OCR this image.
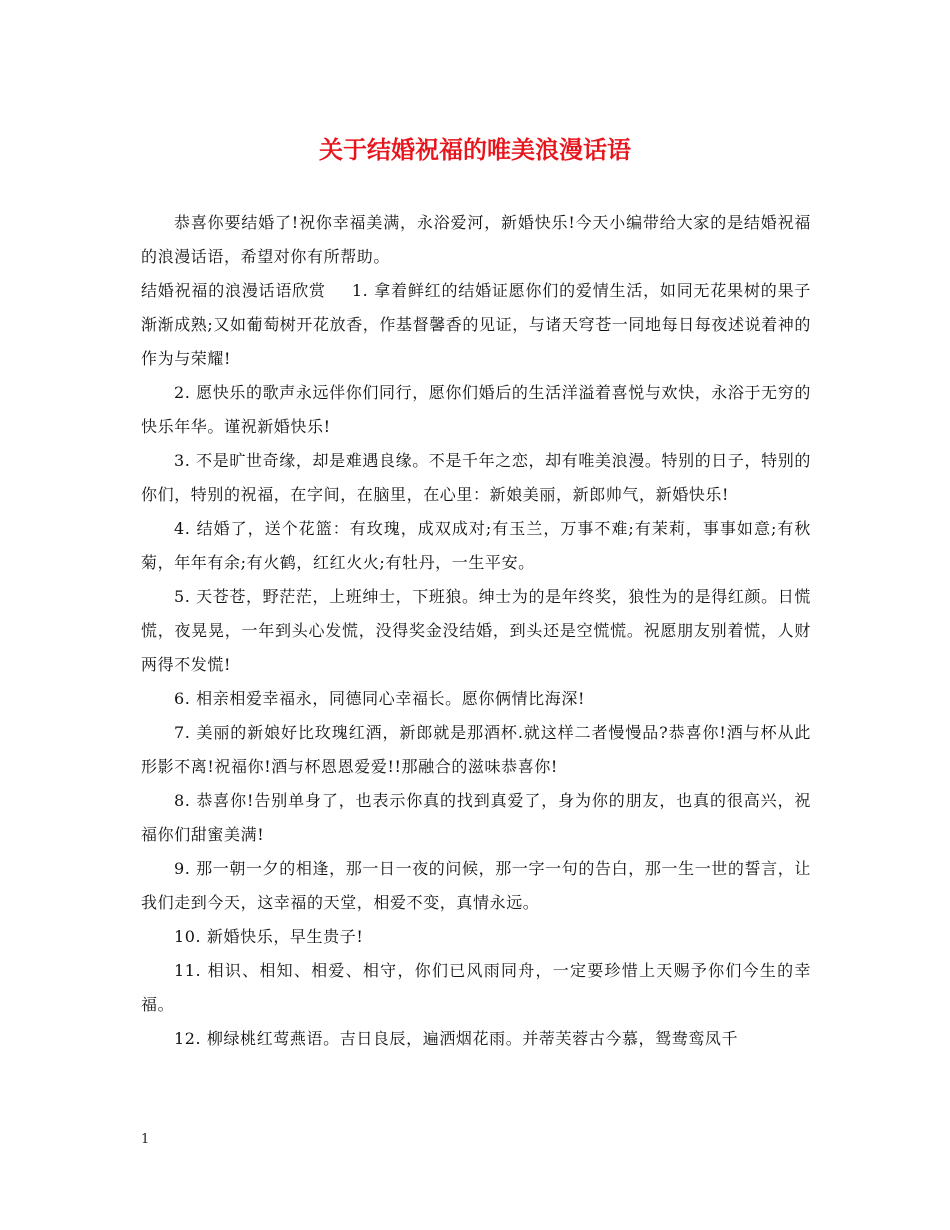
关于结婚祝福的唯美浪漫话语

恭喜你要结婚了!祝你幸福美满，永浴爱河，新婚快乐!今天小编带给大家的是结婚祝福的浪漫话语，希望对你有所帮助。

结婚祝福的浪漫话语欣赏 1. 拿着鲜红的结婚证愿你们的爱情生活，如同无花果树的果子渐渐成熟;又如葡萄树开花放香，作基督馨香的见证，与诸天穹苍一同地每日每夜述说着神的作为与荣耀!

2. 愿快乐的歌声永远伴你们同行，愿你们婚后的生活洋溢着喜悦与欢快，永浴于无穷的快乐年华。谨祝新婚快乐!

3. 不是旷世奇缘，却是难遇良缘。不是千年之恋，却有唯美浪漫。特别的日子，特别的你们，特别的祝福，在字间，在脑里，在心里：新娘美丽，新郎帅气，新婚快乐!

4. 结婚了，送个花篮：有玫瑰，成双成对;有玉兰，万事不难;有茉莉，事事如意;有秋菊，年年有余;有火鹤，红红火火;有牡丹，一生平安。

5. 天苍苍，野茫茫，上班绅士，下班狼。绅士为的是年终奖，狼性为的是得红颜。日慌慌，夜晃晃，一年到头心发慌，没得奖金没结婚，到头还是空慌慌。祝愿朋友别着慌，人财两得不发慌!

6. 相亲相爱幸福永，同德同心幸福长。愿你俩情比海深!

7. 美丽的新娘好比玫瑰红酒，新郎就是那酒杯.就这样二者慢慢品?恭喜你!酒与杯从此形影不离!祝福你!酒与杯恩恩爱爱!!那融合的滋味恭喜你!

8. 恭喜你!告别单身了，也表示你真的找到真爱了，身为你的朋友，也真的很高兴，祝福你们甜蜜美满!

9. 那一朝一夕的相逢，那一日一夜的问候，那一字一句的告白，那一生一世的誓言，让我们走到今天，这幸福的天堂，相爱不变，真情永远。

10. 新婚快乐，早生贵子!

11. 相识、相知、相爱、相守，你们已风雨同舟，一定要珍惜上天赐予你们今生的幸福。

12. 柳绿桃红莺燕语。吉日良辰，遍洒烟花雨。并蒂芙蓉古今慕，鸳鸯鸾凤千

1
